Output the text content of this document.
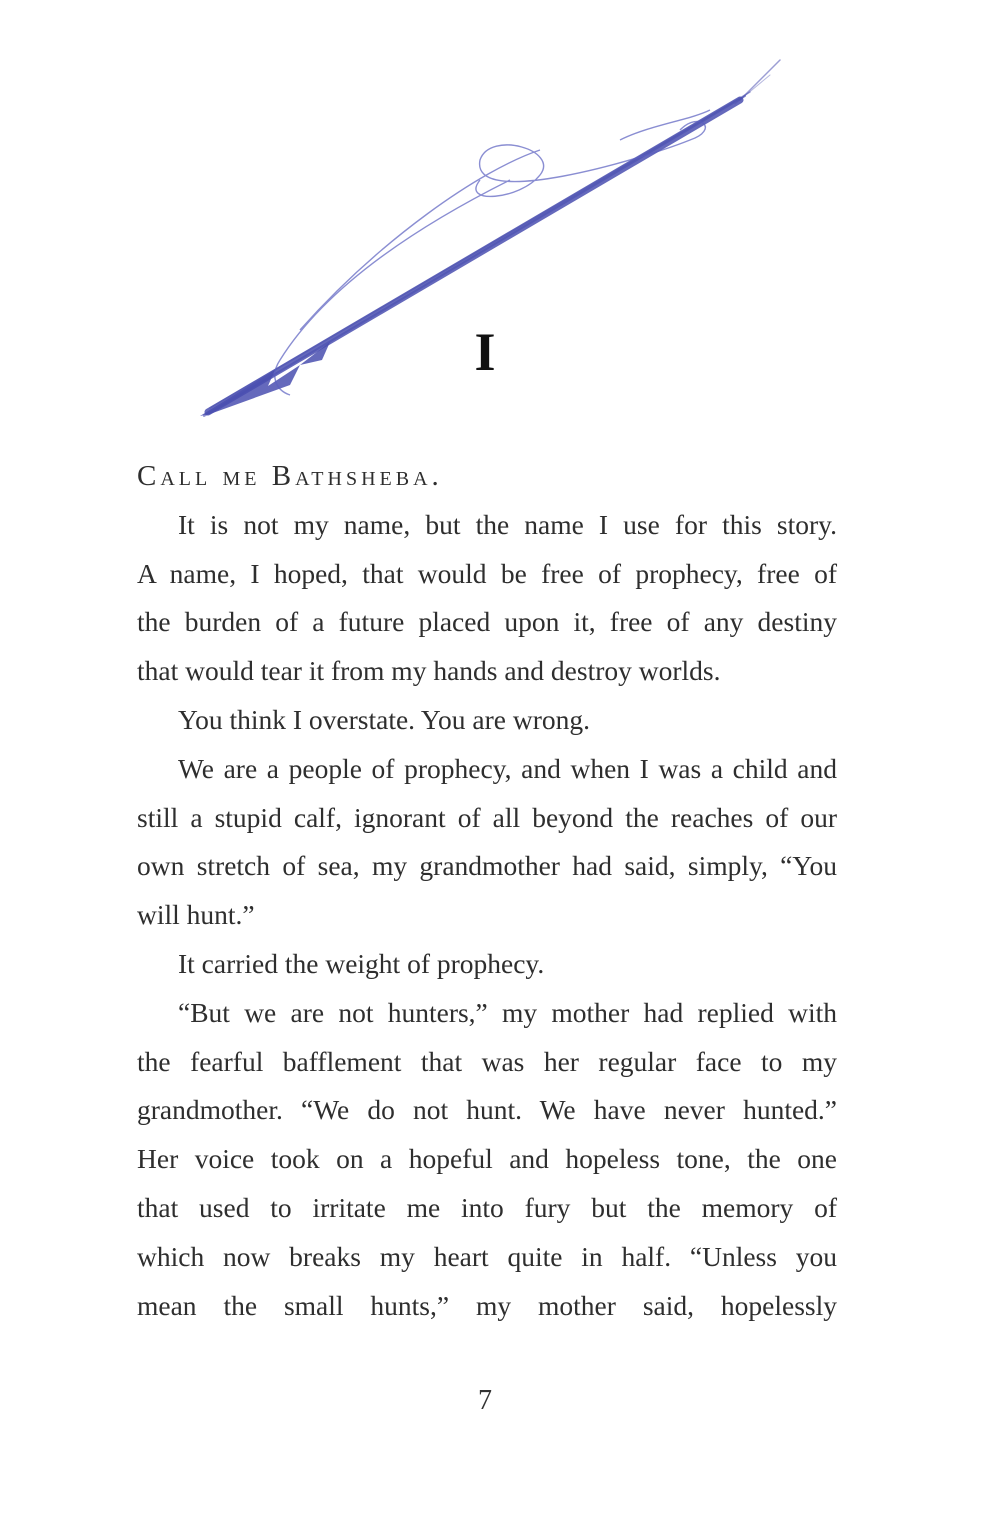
I
Call me Bathsheba.
It is not my name, but the name I use for this story.
A name, I hoped, that would be free of prophecy, free of
the burden of a future placed upon it, free of any destiny
that would tear it from my hands and destroy worlds.
You think I overstate. You are wrong.
We are a people of prophecy, and when I was a child and
still a stupid calf, ignorant of all beyond the reaches of our
own stretch of sea, my grandmother had said, simply, “You
will hunt.”
It carried the weight of prophecy.
“But we are not hunters,” my mother had replied with
the fearful bafflement that was her regular face to my
grandmother. “We do not hunt. We have never hunted.”
Her voice took on a hopeful and hopeless tone, the one
that used to irritate me into fury but the memory of
which now breaks my heart quite in half. “Unless you
mean the small hunts,” my mother said, hopelessly
7
